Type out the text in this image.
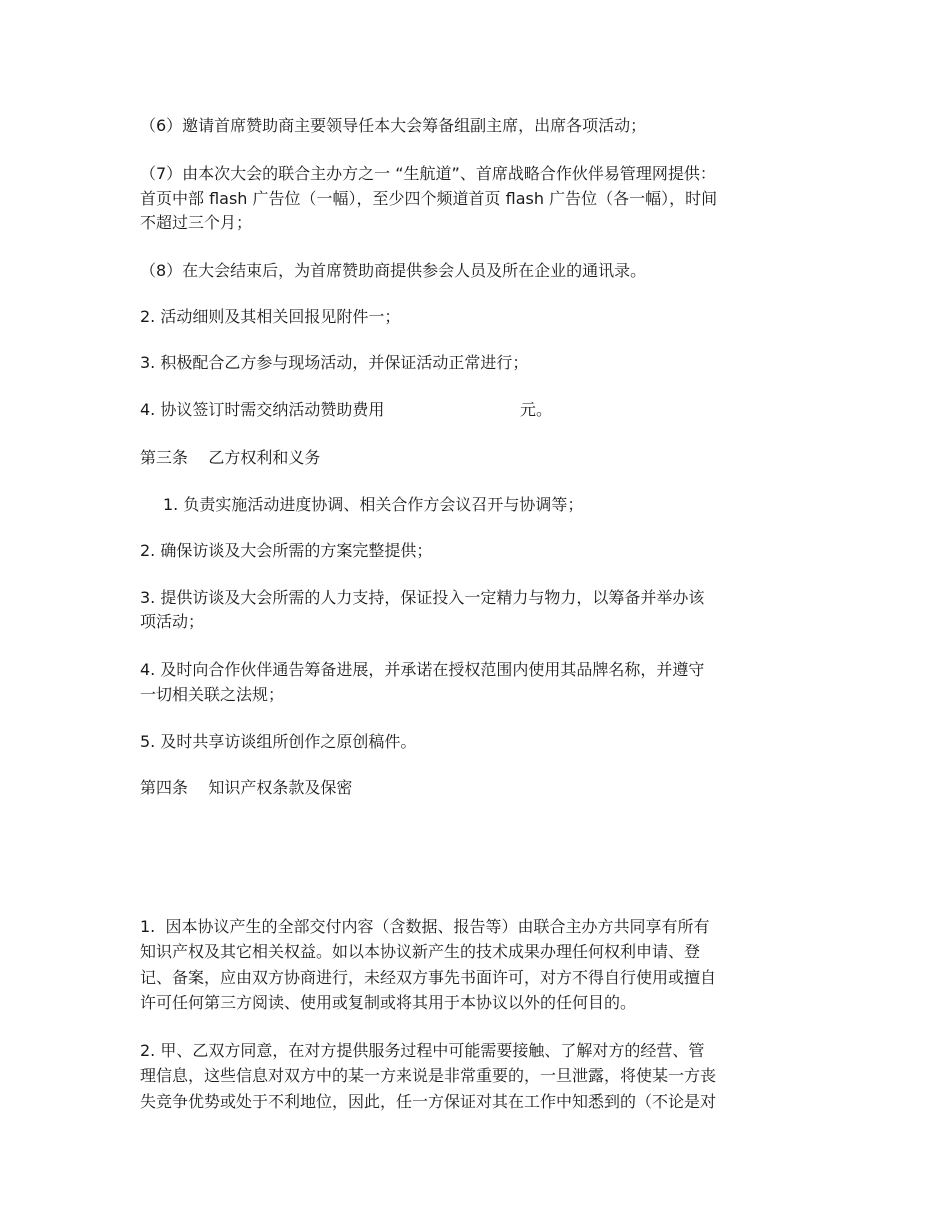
（6）邀请首席赞助商主要领导任本大会筹备组副主席，出席各项活动；

（7）由本次大会的联合主办方之一 “生航道”、首席战略合作伙伴易管理网提供：

首页中部 flash 广告位（一幅），至少四个频道首页 flash 广告位（各一幅），时间

不超过三个月；

（8）在大会结束后，为首席赞助商提供参会人员及所在企业的通讯录。

2. 活动细则及其相关回报见附件一；

3. 积极配合乙方参与现场活动，并保证活动正常进行；

4. 协议签订时需交纳活动赞助费用	元。

第三条    乙方权利和义务

1. 负责实施活动进度协调、相关合作方会议召开与协调等；

2. 确保访谈及大会所需的方案完整提供；

3. 提供访谈及大会所需的人力支持，保证投入一定精力与物力，以筹备并举办该

项活动；

4. 及时向合作伙伴通告筹备进展，并承诺在授权范围内使用其品牌名称，并遵守

一切相关联之法规；

5. 及时共享访谈组所创作之原创稿件。

第四条    知识产权条款及保密

1.  因本协议产生的全部交付内容（含数据、报告等）由联合主办方共同享有所有

知识产权及其它相关权益。如以本协议新产生的技术成果办理任何权利申请、登

记、备案，应由双方协商进行，未经双方事先书面许可，对方不得自行使用或擅自

许可任何第三方阅读、使用或复制或将其用于本协议以外的任何目的。

2. 甲、乙双方同意，在对方提供服务过程中可能需要接触、了解对方的经营、管

理信息，这些信息对双方中的某一方来说是非常重要的，一旦泄露，将使某一方丧

失竞争优势或处于不利地位，因此，任一方保证对其在工作中知悉到的（不论是对
